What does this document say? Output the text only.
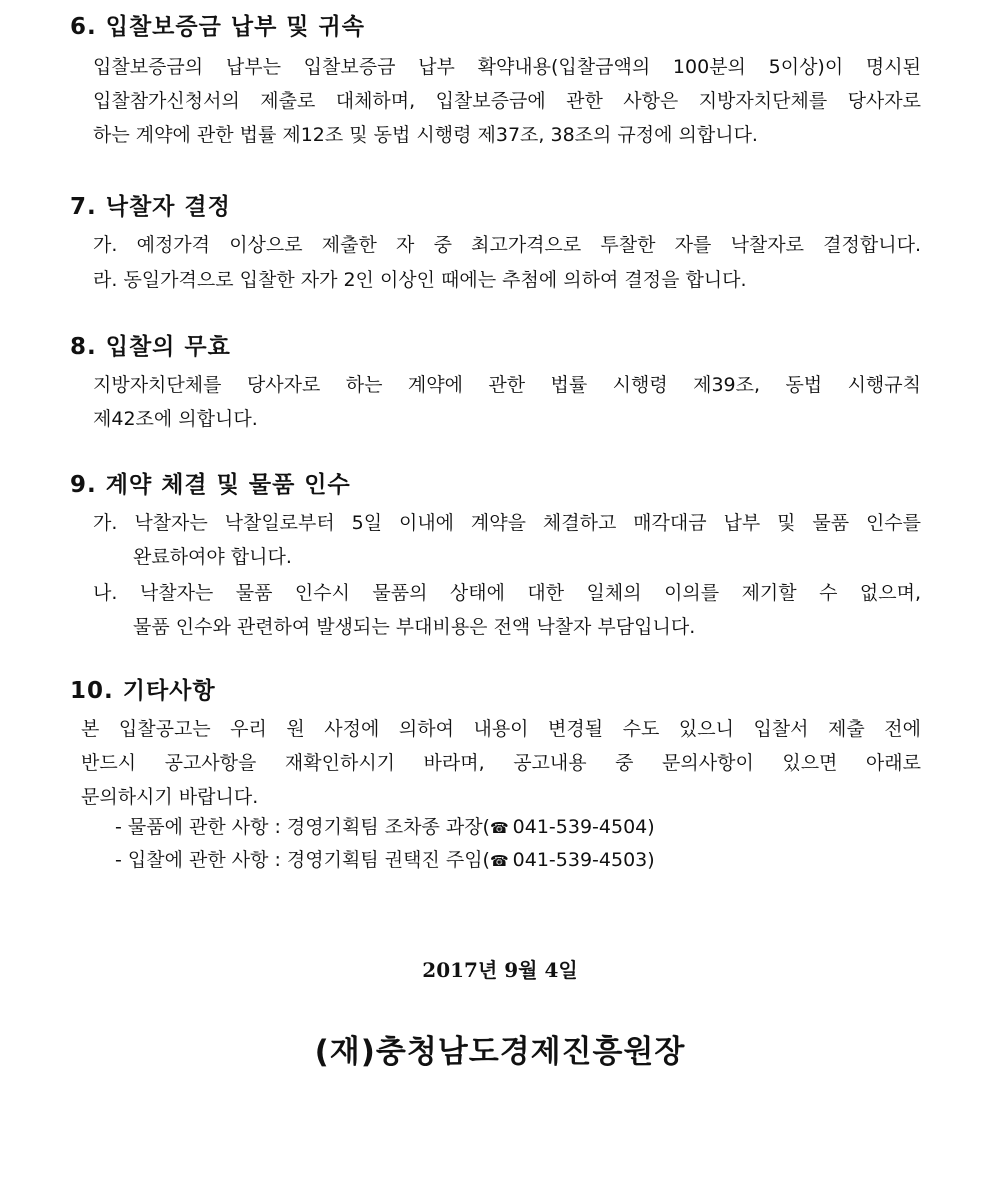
6. 입찰보증금 납부 및 귀속
입찰보증금의 납부는 입찰보증금 납부 확약내용(입찰금액의 100분의 5이상)이 명시된
입찰참가신청서의 제출로 대체하며, 입찰보증금에 관한 사항은 지방자치단체를 당사자로
하는 계약에 관한 법률 제12조 및 동법 시행령 제37조, 38조의 규정에 의합니다.
7. 낙찰자 결정
가. 예정가격 이상으로 제출한 자 중 최고가격으로 투찰한 자를 낙찰자로 결정합니다.
라. 동일가격으로 입찰한 자가 2인 이상인 때에는 추첨에 의하여 결정을 합니다.
8. 입찰의 무효
지방자치단체를 당사자로 하는 계약에 관한 법률 시행령 제39조, 동법 시행규칙
제42조에 의합니다.
9. 계약 체결 및 물품 인수
가. 낙찰자는 낙찰일로부터 5일 이내에 계약을 체결하고 매각대금 납부 및 물품 인수를
완료하여야 합니다.
나. 낙찰자는 물품 인수시 물품의 상태에 대한 일체의 이의를 제기할 수 없으며,
물품 인수와 관련하여 발생되는 부대비용은 전액 낙찰자 부담입니다.
10. 기타사항
본 입찰공고는 우리 원 사정에 의하여 내용이 변경될 수도 있으니 입찰서 제출 전에
반드시 공고사항을 재확인하시기 바라며, 공고내용 중 문의사항이 있으면 아래로
문의하시기 바랍니다.
- 물품에 관한 사항 : 경영기획팀 조차종 과장(☎ 041-539-4504)
- 입찰에 관한 사항 : 경영기획팀 권택진 주임(☎ 041-539-4503)
2017년 9월 4일
(재)충청남도경제진흥원장
